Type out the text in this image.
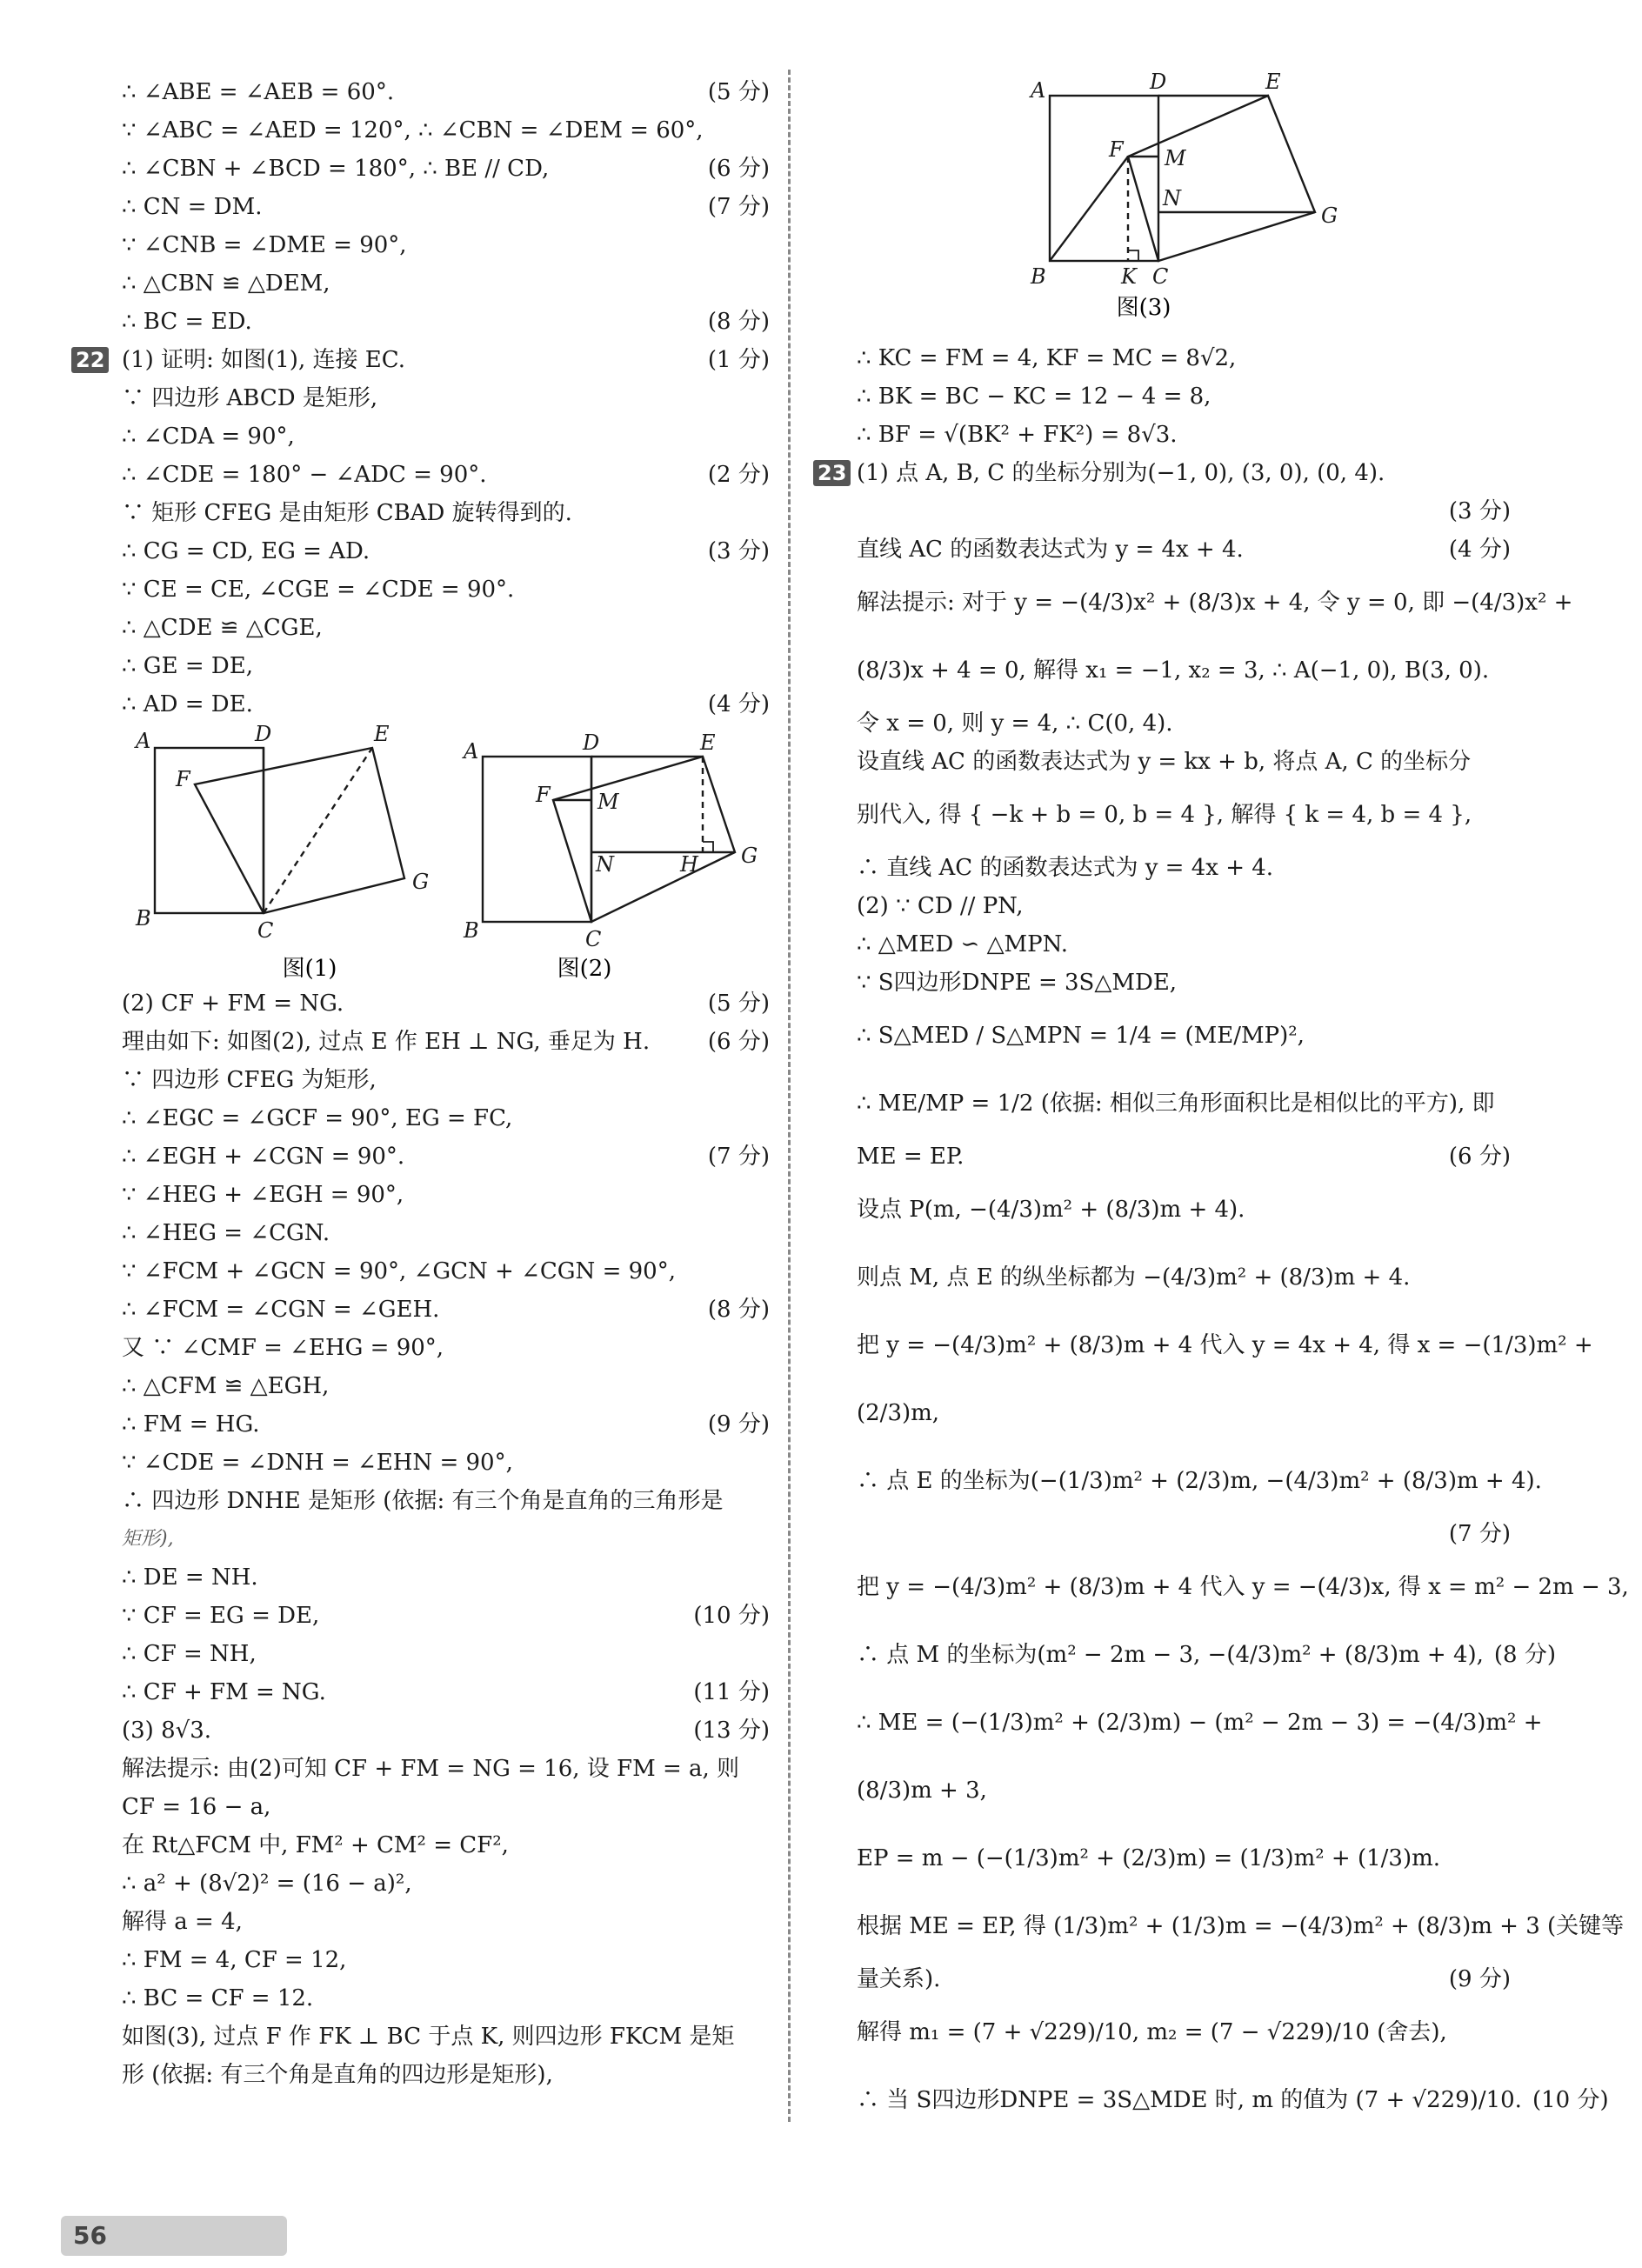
∴ ∠ABE = ∠AEB = 60°.	(5 分)
∵ ∠ABC = ∠AED = 120°, ∴ ∠CBN = ∠DEM = 60°,
∴ ∠CBN + ∠BCD = 180°, ∴ BE // CD,	(6 分)
∴ CN = DM.	(7 分)
∵ ∠CNB = ∠DME = 90°,
∴ △CBN ≌ △DEM,
∴ BC = ED.	(8 分)
22 (1) 证明: 如图(1), 连接 EC.	(1 分)
∵ 四边形 ABCD 是矩形,
∴ ∠CDA = 90°,
∴ ∠CDE = 180° − ∠ADC = 90°.	(2 分)
∵ 矩形 CFEG 是由矩形 CBAD 旋转得到的.
∴ CG = CD, EG = AD.	(3 分)
∵ CE = CE, ∠CGE = ∠CDE = 90°.
∴ △CDE ≌ △CGE,
∴ GE = DE,
∴ AD = DE.	(4 分)
A	D	E
F
G
B	C
A	D	E
F M
N	H G
B	C
图(1)	图(2)
(2) CF + FM = NG.	(5 分)
理由如下: 如图(2), 过点 E 作 EH ⊥ NG, 垂足为 H.	(6 分)
∵ 四边形 CFEG 为矩形,
∴ ∠EGC = ∠GCF = 90°, EG = FC,
∴ ∠EGH + ∠CGN = 90°.	(7 分)
∵ ∠HEG + ∠EGH = 90°,
∴ ∠HEG = ∠CGN.
∵ ∠FCM + ∠GCN = 90°, ∠GCN + ∠CGN = 90°,
∴ ∠FCM = ∠CGN = ∠GEH.	(8 分)
又 ∵ ∠CMF = ∠EHG = 90°,
∴ △CFM ≌ △EGH,
∴ FM = HG.	(9 分)
∵ ∠CDE = ∠DNH = ∠EHN = 90°,
∴ 四边形 DNHE 是矩形 (依据: 有三个角是直角的三角形是
矩形),
∴ DE = NH.
∵ CF = EG = DE,	(10 分)
∴ CF = NH,
∴ CF + FM = NG.	(11 分)
(3) 8√3.	(13 分)
解法提示: 由(2)可知 CF + FM = NG = 16, 设 FM = a, 则
CF = 16 − a,
在 Rt△FCM 中, FM² + CM² = CF²,
∴ a² + (8√2)² = (16 − a)²,
解得 a = 4,
∴ FM = 4, CF = 12,
∴ BC = CF = 12.
如图(3), 过点 F 作 FK ⊥ BC 于点 K, 则四边形 FKCM 是矩
形 (依据: 有三个角是直角的四边形是矩形),
A	D	E
F M
N
G
B	K C
图(3)
∴ KC = FM = 4, KF = MC = 8√2,
∴ BK = BC − KC = 12 − 4 = 8,
∴ BF = √(BK² + FK²) = 8√3.
23 (1) 点 A, B, C 的坐标分别为(−1, 0), (3, 0), (0, 4).
(3 分)
直线 AC 的函数表达式为 y = 4x + 4.	(4 分)
解法提示: 对于 y = −(4/3)x² + (8/3)x + 4, 令 y = 0, 即 −(4/3)x² +
(8/3)x + 4 = 0, 解得 x₁ = −1, x₂ = 3, ∴ A(−1, 0), B(3, 0).
令 x = 0, 则 y = 4, ∴ C(0, 4).
设直线 AC 的函数表达式为 y = kx + b, 将点 A, C 的坐标分
别代入, 得 { −k + b = 0, b = 4 }, 解得 { k = 4, b = 4 },
∴ 直线 AC 的函数表达式为 y = 4x + 4.
(2) ∵ CD // PN,
∴ △MED ∽ △MPN.
∵ S四边形DNPE = 3S△MDE,
∴ S△MED / S△MPN = 1/4 = (ME/MP)²,
∴ ME/MP = 1/2 (依据: 相似三角形面积比是相似比的平方), 即
ME = EP.	(6 分)
设点 P(m, −(4/3)m² + (8/3)m + 4).
则点 M, 点 E 的纵坐标都为 −(4/3)m² + (8/3)m + 4.
把 y = −(4/3)m² + (8/3)m + 4 代入 y = 4x + 4, 得 x = −(1/3)m² +
(2/3)m,
∴ 点 E 的坐标为(−(1/3)m² + (2/3)m, −(4/3)m² + (8/3)m + 4).
(7 分)
把 y = −(4/3)m² + (8/3)m + 4 代入 y = −(4/3)x, 得 x = m² − 2m − 3,
∴ 点 M 的坐标为(m² − 2m − 3, −(4/3)m² + (8/3)m + 4), (8 分)
∴ ME = (−(1/3)m² + (2/3)m) − (m² − 2m − 3) = −(4/3)m² +
(8/3)m + 3,
EP = m − (−(1/3)m² + (2/3)m) = (1/3)m² + (1/3)m.
根据 ME = EP, 得 (1/3)m² + (1/3)m = −(4/3)m² + (8/3)m + 3 (关键等
量关系).	(9 分)
解得 m₁ = (7 + √229)/10, m₂ = (7 − √229)/10 (舍去),
∴ 当 S四边形DNPE = 3S△MDE 时, m 的值为 (7 + √229)/10. (10 分)
56
